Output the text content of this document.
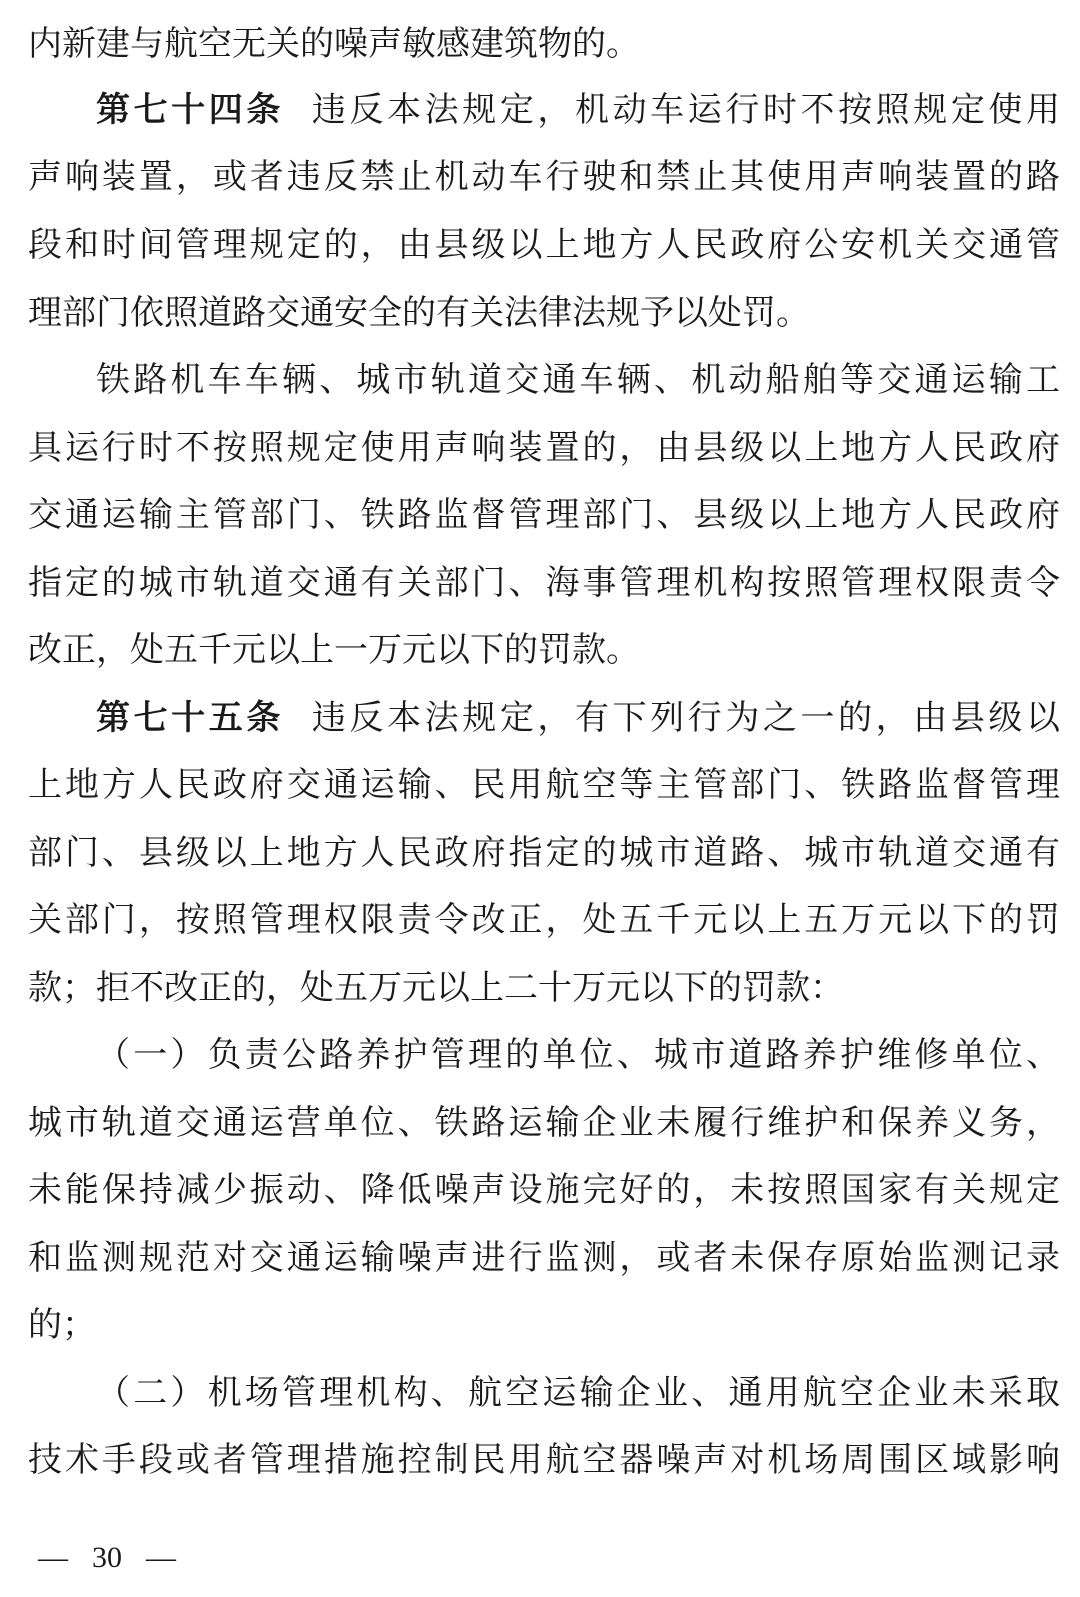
内新建与航空无关的噪声敏感建筑物的。
第七十四条 违反本法规定，机动车运行时不按照规定使用
声响装置，或者违反禁止机动车行驶和禁止其使用声响装置的路
段和时间管理规定的，由县级以上地方人民政府公安机关交通管
理部门依照道路交通安全的有关法律法规予以处罚。
铁路机车车辆、城市轨道交通车辆、机动船舶等交通运输工
具运行时不按照规定使用声响装置的，由县级以上地方人民政府
交通运输主管部门、铁路监督管理部门、县级以上地方人民政府
指定的城市轨道交通有关部门、海事管理机构按照管理权限责令
改正，处五千元以上一万元以下的罚款。
第七十五条 违反本法规定，有下列行为之一的，由县级以
上地方人民政府交通运输、民用航空等主管部门、铁路监督管理
部门、县级以上地方人民政府指定的城市道路、城市轨道交通有
关部门，按照管理权限责令改正，处五千元以上五万元以下的罚
款；拒不改正的，处五万元以上二十万元以下的罚款：
（一）负责公路养护管理的单位、城市道路养护维修单位、
城市轨道交通运营单位、铁路运输企业未履行维护和保养义务，
未能保持减少振动、降低噪声设施完好的，未按照国家有关规定
和监测规范对交通运输噪声进行监测，或者未保存原始监测记录
的；
（二）机场管理机构、航空运输企业、通用航空企业未采取
技术手段或者管理措施控制民用航空器噪声对机场周围区域影响
— 30 —
